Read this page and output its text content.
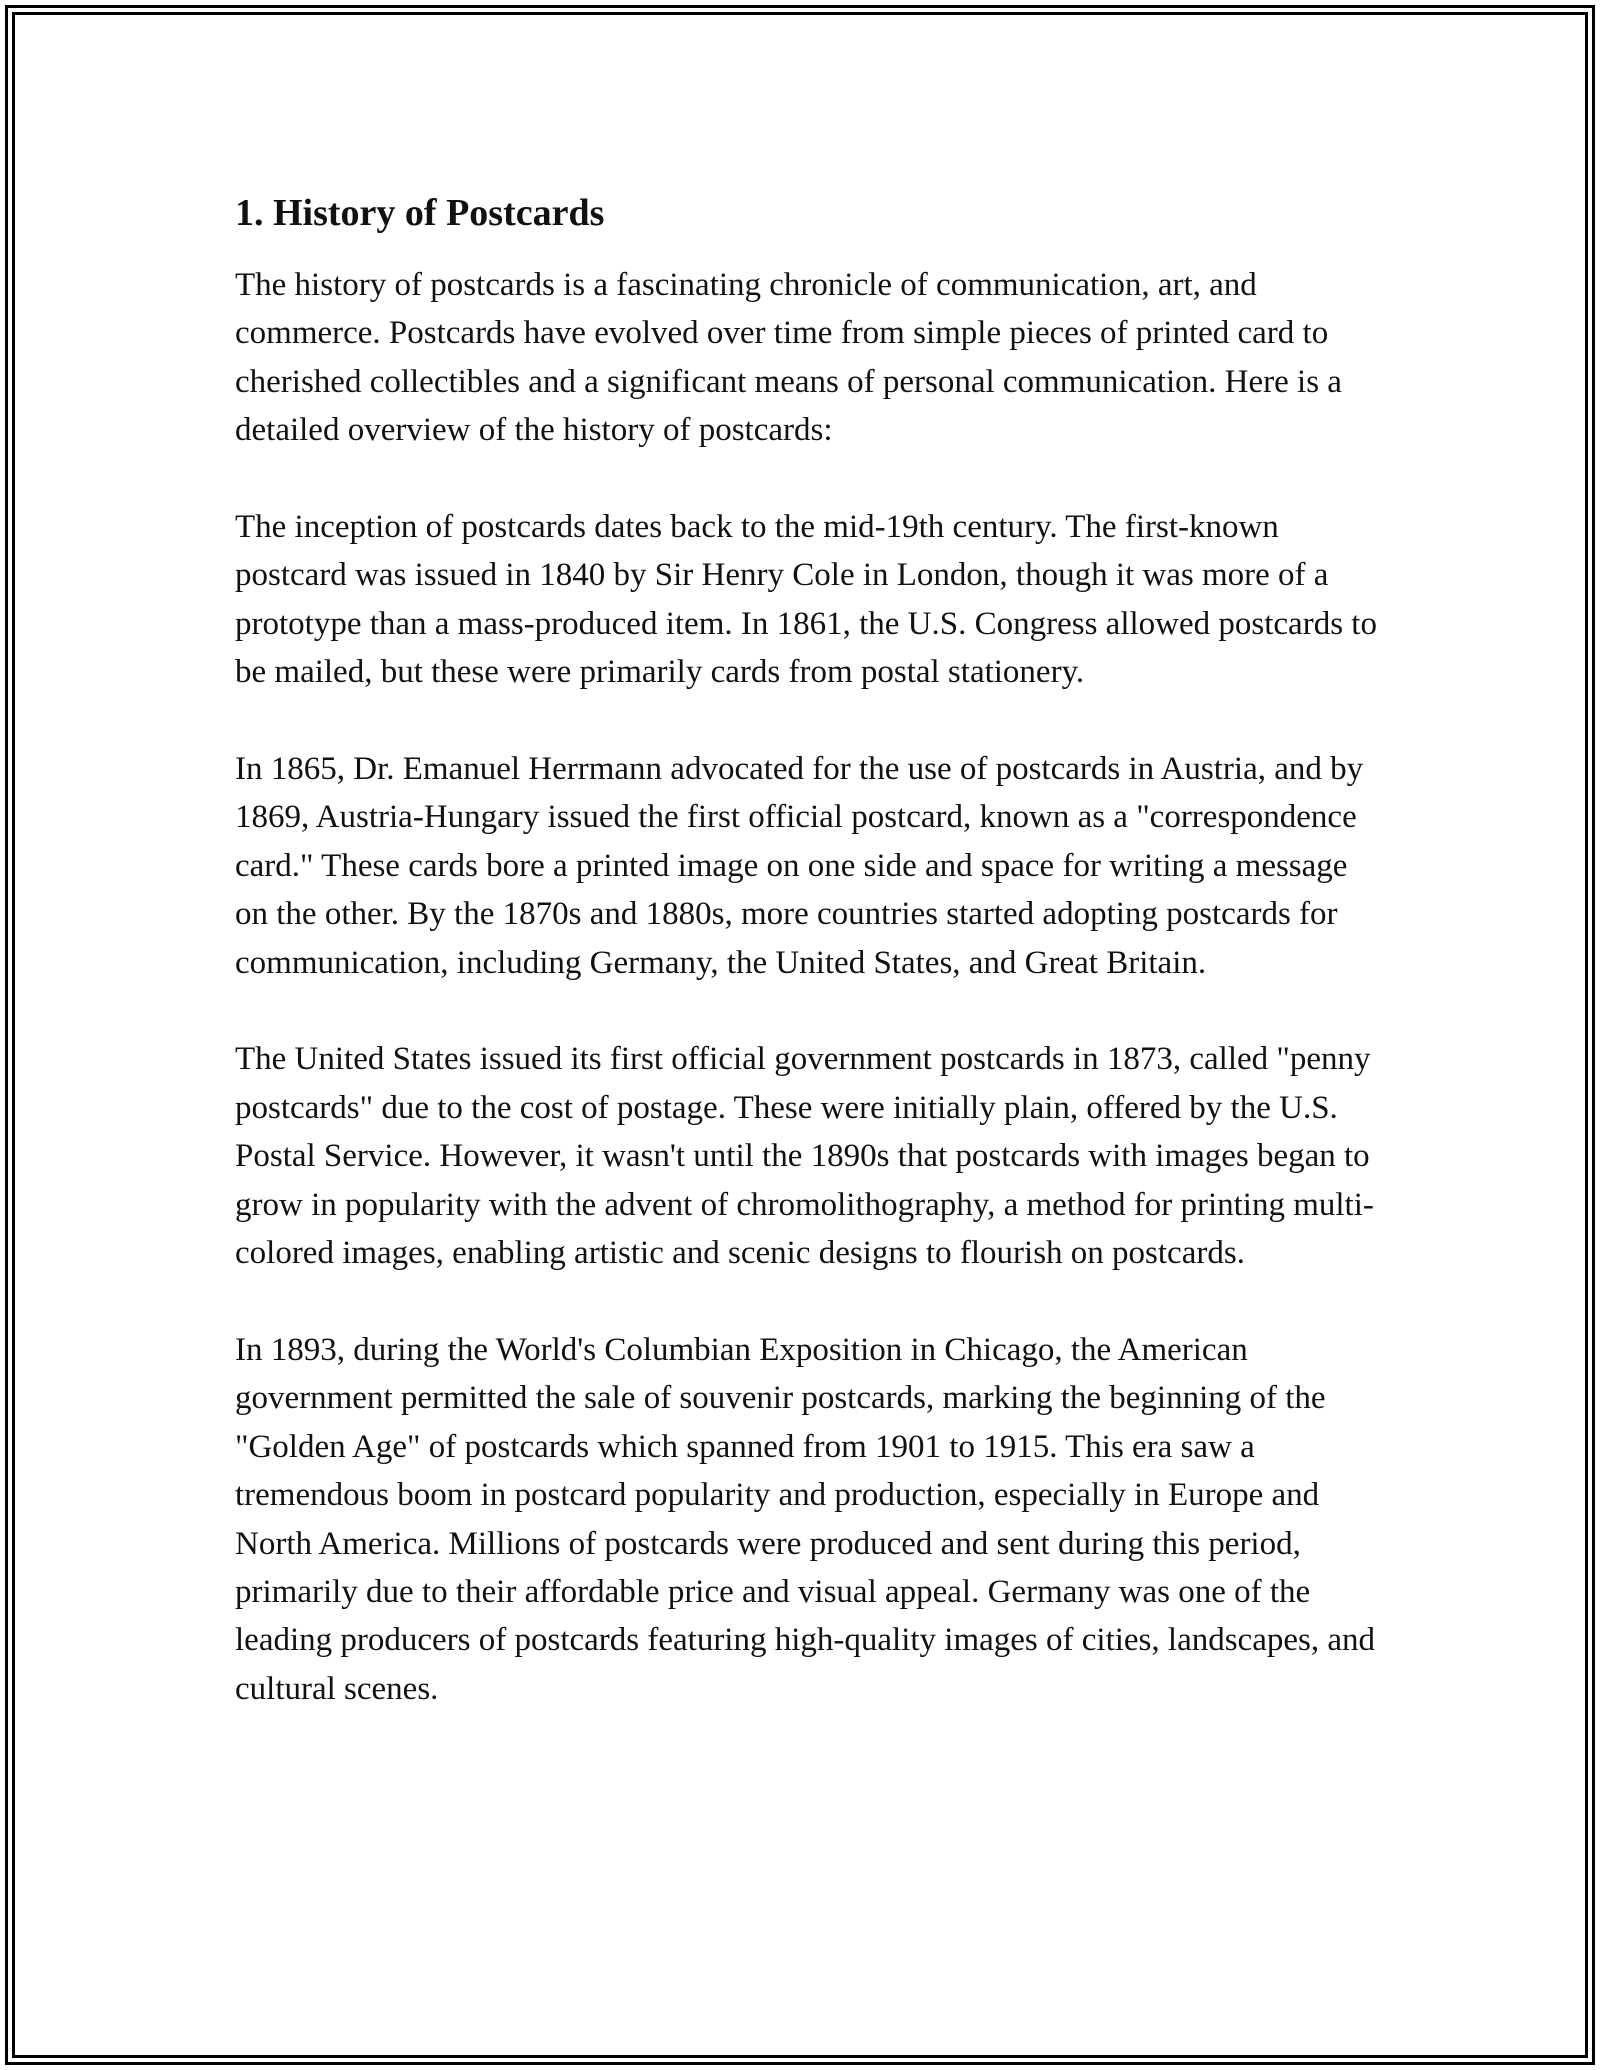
1. History of Postcards

The history of postcards is a fascinating chronicle of communication, art, and commerce. Postcards have evolved over time from simple pieces of printed card to cherished collectibles and a significant means of personal communication. Here is a detailed overview of the history of postcards:

The inception of postcards dates back to the mid-19th century. The first-known postcard was issued in 1840 by Sir Henry Cole in London, though it was more of a prototype than a mass-produced item. In 1861, the U.S. Congress allowed postcards to be mailed, but these were primarily cards from postal stationery.

In 1865, Dr. Emanuel Herrmann advocated for the use of postcards in Austria, and by 1869, Austria-Hungary issued the first official postcard, known as a "correspondence card." These cards bore a printed image on one side and space for writing a message on the other. By the 1870s and 1880s, more countries started adopting postcards for communication, including Germany, the United States, and Great Britain.

The United States issued its first official government postcards in 1873, called "penny postcards" due to the cost of postage. These were initially plain, offered by the U.S. Postal Service. However, it wasn't until the 1890s that postcards with images began to grow in popularity with the advent of chromolithography, a method for printing multi-colored images, enabling artistic and scenic designs to flourish on postcards.

In 1893, during the World's Columbian Exposition in Chicago, the American government permitted the sale of souvenir postcards, marking the beginning of the "Golden Age" of postcards which spanned from 1901 to 1915. This era saw a tremendous boom in postcard popularity and production, especially in Europe and North America. Millions of postcards were produced and sent during this period, primarily due to their affordable price and visual appeal. Germany was one of the leading producers of postcards featuring high-quality images of cities, landscapes, and cultural scenes.
